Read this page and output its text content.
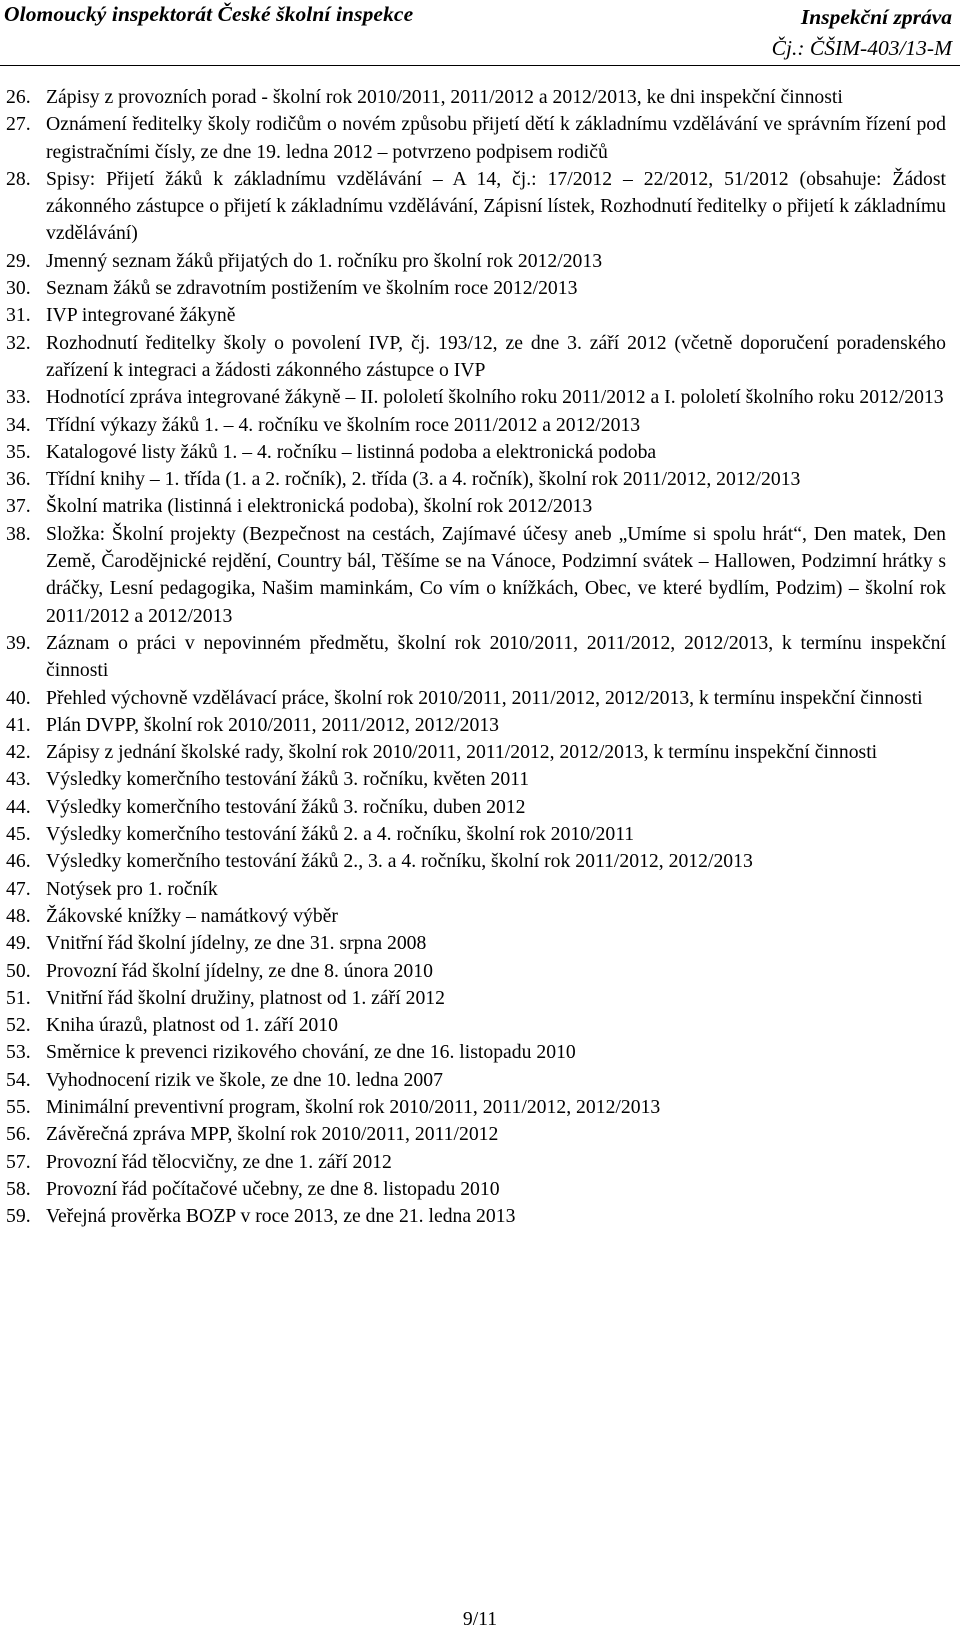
Olomoucký inspektorát České školní inspekce	Inspekční zpráva
Čj.: ČŠIM-403/13-M
26. Zápisy z provozních porad - školní rok 2010/2011, 2011/2012 a 2012/2013, ke dni inspekční činnosti
27. Oznámení ředitelky školy rodičům o novém způsobu přijetí dětí k základnímu vzdělávání ve správním řízení pod registračními čísly, ze dne 19. ledna 2012 – potvrzeno podpisem rodičů
28. Spisy: Přijetí žáků k základnímu vzdělávání – A 14, čj.: 17/2012 – 22/2012, 51/2012 (obsahuje: Žádost zákonného zástupce o přijetí k základnímu vzdělávání, Zápisní lístek, Rozhodnutí ředitelky o přijetí k základnímu vzdělávání)
29. Jmenný seznam žáků přijatých do 1. ročníku pro školní rok 2012/2013
30. Seznam žáků se zdravotním postižením ve školním roce 2012/2013
31. IVP integrované žákyně
32. Rozhodnutí ředitelky školy o povolení IVP, čj. 193/12, ze dne 3. září 2012 (včetně doporučení poradenského zařízení k integraci a žádosti zákonného zástupce o IVP
33. Hodnotící zpráva integrované žákyně – II. pololetí školního roku 2011/2012 a I. pololetí školního roku 2012/2013
34. Třídní výkazy žáků 1. – 4. ročníku ve školním roce 2011/2012 a 2012/2013
35. Katalogové listy žáků 1. – 4. ročníku – listinná podoba a elektronická podoba
36. Třídní knihy – 1. třída (1. a 2. ročník), 2. třída (3. a 4. ročník), školní rok 2011/2012, 2012/2013
37. Školní matrika (listinná i elektronická podoba), školní rok 2012/2013
38. Složka: Školní projekty (Bezpečnost na cestách, Zajímavé účesy aneb „Umíme si spolu hrát“, Den matek, Den Země, Čarodějnické rejdění, Country bál, Těšíme se na Vánoce, Podzimní svátek – Hallowen, Podzimní hrátky s dráčky, Lesní pedagogika, Našim maminkám, Co vím o knížkách, Obec, ve které bydlím, Podzim) – školní rok 2011/2012 a 2012/2013
39. Záznam o práci v nepovinném předmětu, školní rok 2010/2011, 2011/2012, 2012/2013, k termínu inspekční činnosti
40. Přehled výchovně vzdělávací práce, školní rok 2010/2011, 2011/2012, 2012/2013, k termínu inspekční činnosti
41. Plán DVPP, školní rok 2010/2011, 2011/2012, 2012/2013
42. Zápisy z jednání školské rady, školní rok 2010/2011, 2011/2012, 2012/2013, k termínu inspekční činnosti
43. Výsledky komerčního testování žáků 3. ročníku, květen 2011
44. Výsledky komerčního testování žáků 3. ročníku, duben 2012
45. Výsledky komerčního testování žáků 2. a 4. ročníku, školní rok 2010/2011
46. Výsledky komerčního testování žáků 2., 3. a 4. ročníku, školní rok 2011/2012, 2012/2013
47. Notýsek pro 1. ročník
48. Žákovské knížky – namátkový výběr
49. Vnitřní řád školní jídelny, ze dne 31. srpna 2008
50. Provozní řád školní jídelny, ze dne 8. února 2010
51. Vnitřní řád školní družiny, platnost od 1. září 2012
52. Kniha úrazů, platnost od 1. září 2010
53. Směrnice k prevenci rizikového chování, ze dne 16. listopadu 2010
54. Vyhodnocení rizik ve škole, ze dne 10. ledna 2007
55. Minimální preventivní program, školní rok 2010/2011, 2011/2012, 2012/2013
56. Závěrečná zpráva MPP, školní rok 2010/2011, 2011/2012
57. Provozní řád tělocvičny, ze dne 1. září 2012
58. Provozní řád počítačové učebny, ze dne 8. listopadu 2010
59. Veřejná prověrka BOZP v roce 2013, ze dne 21. ledna 2013
9/11
